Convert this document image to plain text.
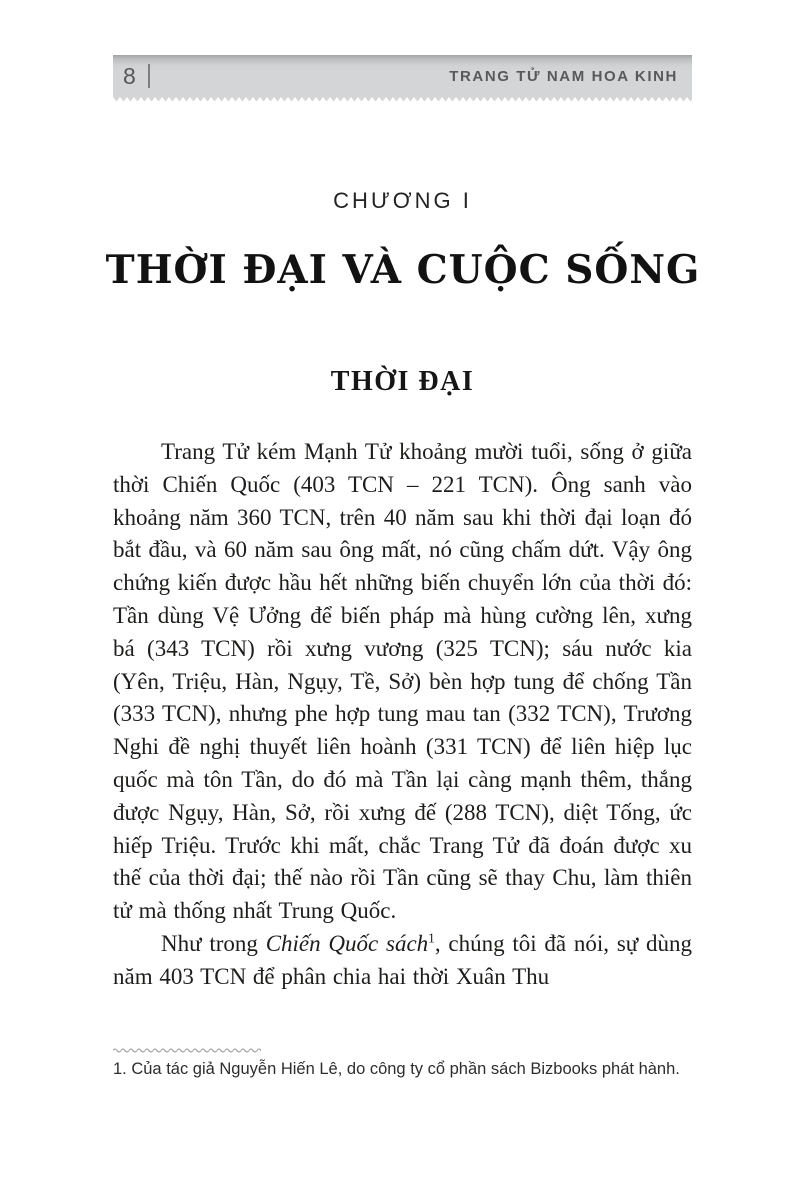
8	TRANG TỬ NAM HOA KINH
CHƯƠNG I
THỜI ĐẠI VÀ CUỘC SỐNG
THỜI ĐẠI

Trang Tử kém Mạnh Tử khoảng mười tuổi, sống ở giữa thời Chiến Quốc (403 TCN – 221 TCN). Ông sanh vào khoảng năm 360 TCN, trên 40 năm sau khi thời đại loạn đó bắt đầu, và 60 năm sau ông mất, nó cũng chấm dứt. Vậy ông chứng kiến được hầu hết những biến chuyển lớn của thời đó: Tần dùng Vệ Ưởng để biến pháp mà hùng cường lên, xưng bá (343 TCN) rồi xưng vương (325 TCN); sáu nước kia (Yên, Triệu, Hàn, Ngụy, Tề, Sở) bèn hợp tung để chống Tần (333 TCN), nhưng phe hợp tung mau tan (332 TCN), Trương Nghi đề nghị thuyết liên hoành (331 TCN) để liên hiệp lục quốc mà tôn Tần, do đó mà Tần lại càng mạnh thêm, thắng được Ngụy, Hàn, Sở, rồi xưng đế (288 TCN), diệt Tống, ức hiếp Triệu. Trước khi mất, chắc Trang Tử đã đoán được xu thế của thời đại; thế nào rồi Tần cũng sẽ thay Chu, làm thiên tử mà thống nhất Trung Quốc.

Như trong Chiến Quốc sách$^1$, chúng tôi đã nói, sự dùng năm 403 TCN để phân chia hai thời Xuân Thu

1. Của tác giả Nguyễn Hiến Lê, do công ty cổ phần sách Bizbooks phát hành.
